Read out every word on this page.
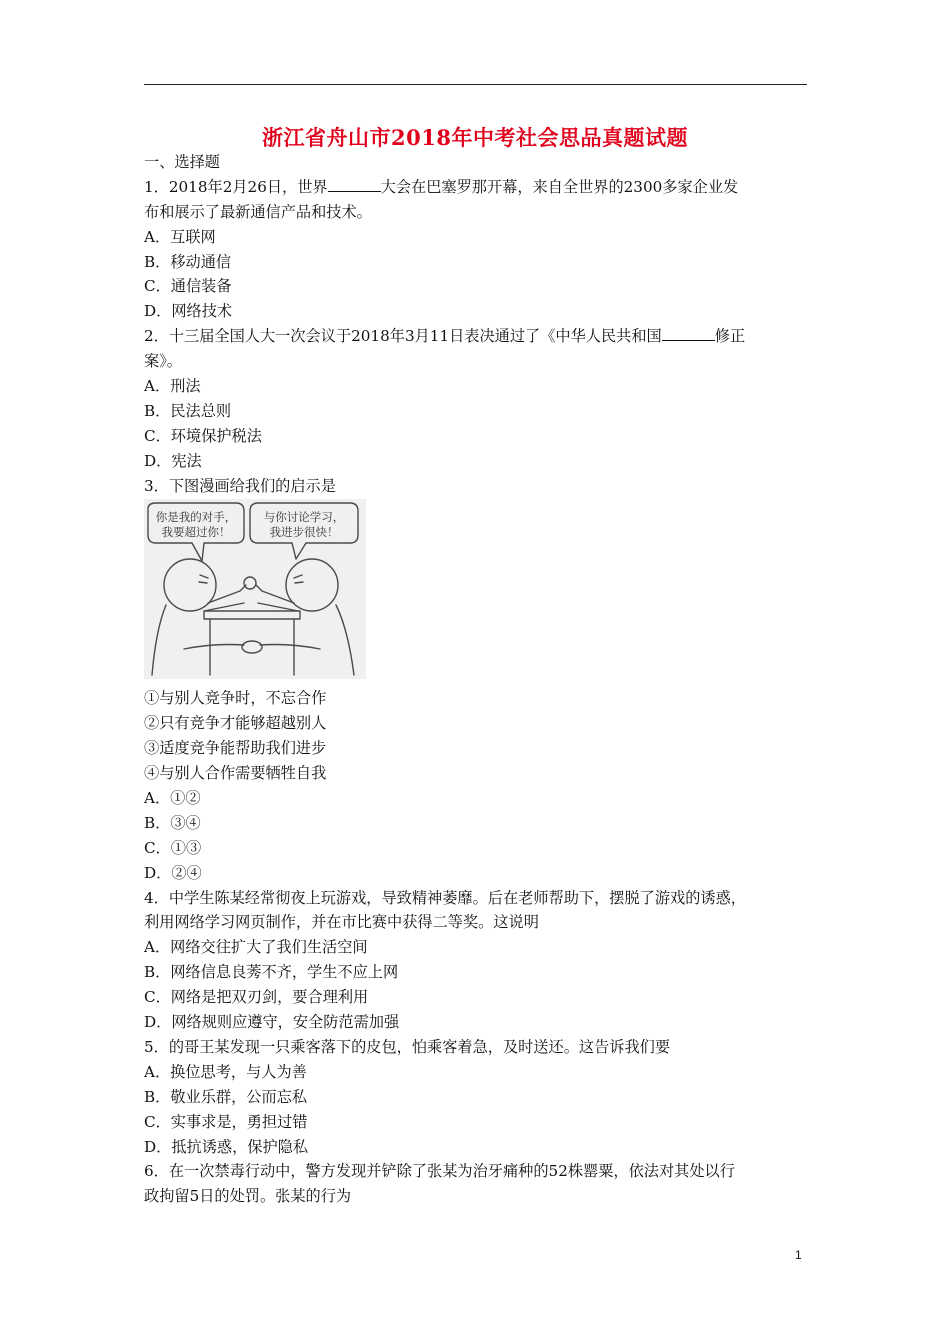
浙江省舟山市2018年中考社会思品真题试题
一、选择题
1．2018年2月26日，世界	大会在巴塞罗那开幕，来自全世界的2300多家企业发
布和展示了最新通信产品和技术。
A．互联网
B．移动通信
C．通信装备
D．网络技术
2．十三届全国人大一次会议于2018年3月11日表决通过了《中华人民共和国	修正
案》。
A．刑法
B．民法总则
C．环境保护税法
D．宪法
3．下图漫画给我们的启示是
你是我的对手，
我要超过你！
与你讨论学习，
我进步很快！
①与别人竞争时，不忘合作
②只有竞争才能够超越别人
③适度竞争能帮助我们进步
④与别人合作需要牺牲自我
A．①②
B．③④
C．①③
D．②④
4．中学生陈某经常彻夜上玩游戏，导致精神萎靡。后在老师帮助下，摆脱了游戏的诱惑，
利用网络学习网页制作，并在市比赛中获得二等奖。这说明
A．网络交往扩大了我们生活空间
B．网络信息良莠不齐，学生不应上网
C．网络是把双刃剑，要合理利用
D．网络规则应遵守，安全防范需加强
5．的哥王某发现一只乘客落下的皮包，怕乘客着急，及时送还。这告诉我们要
A．换位思考，与人为善
B．敬业乐群，公而忘私
C．实事求是，勇担过错
D．抵抗诱惑，保护隐私
6．在一次禁毒行动中，警方发现并铲除了张某为治牙痛种的52株罂粟，依法对其处以行
政拘留5日的处罚。张某的行为
1
